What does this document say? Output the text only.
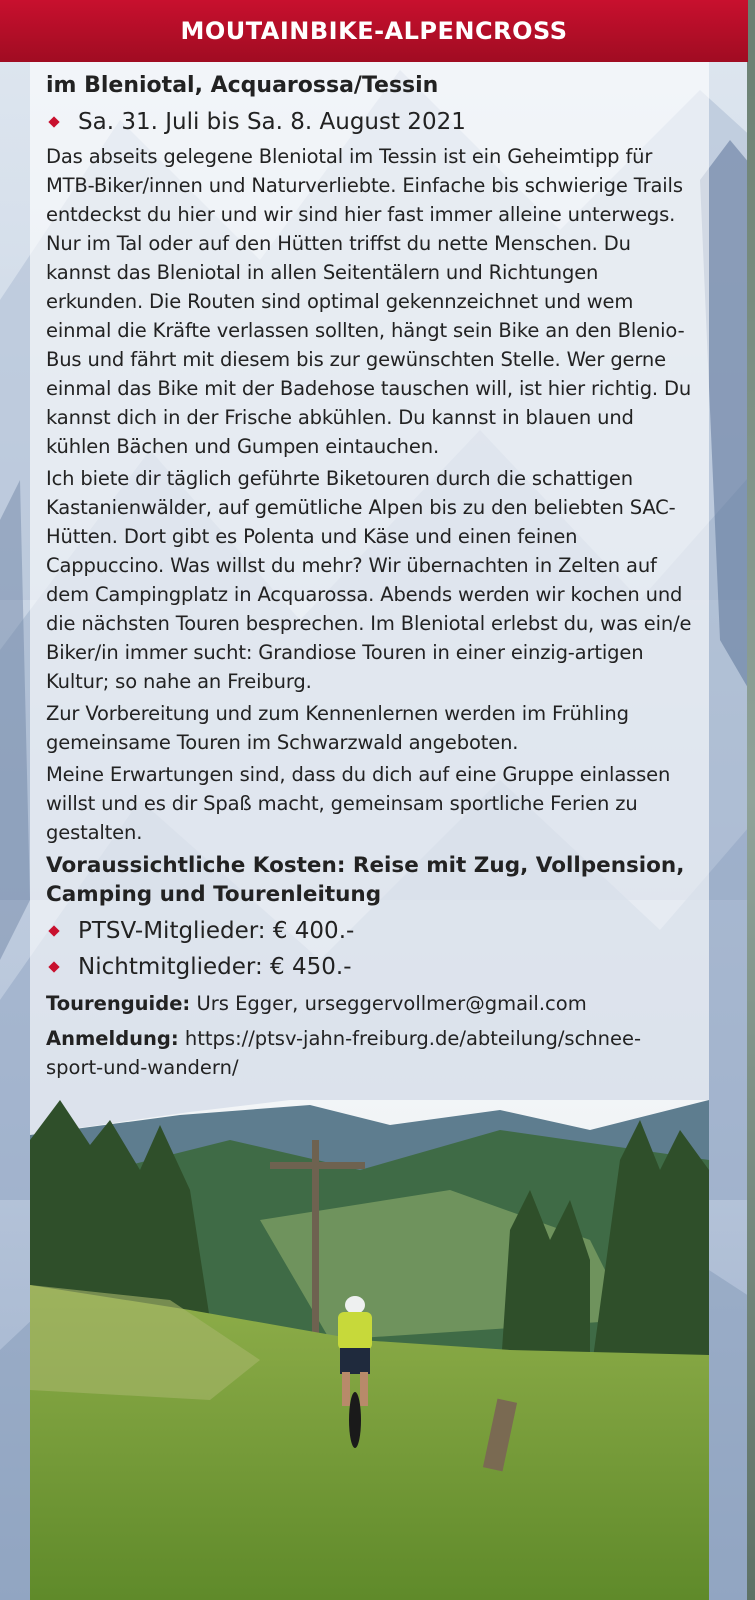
MOUTAINBIKE-ALPENCROSS
im Bleniotal, Acquarossa/Tessin
Sa. 31. Juli bis Sa. 8. August 2021

Das abseits gelegene Bleniotal im Tessin ist ein Geheimtipp für MTB-Biker/innen und Naturverliebte. Einfache bis schwierige Trails entdeckst du hier und wir sind hier fast immer alleine unterwegs. Nur im Tal oder auf den Hütten triffst du nette Menschen. Du kannst das Bleniotal in allen Seitentälern und Richtungen erkunden. Die Routen sind optimal gekennzeichnet und wem einmal die Kräfte verlassen sollten, hängt sein Bike an den Blenio-Bus und fährt mit diesem bis zur gewünschten Stelle. Wer gerne einmal das Bike mit der Badehose tauschen will, ist hier richtig. Du kannst dich in der Frische abkühlen. Du kannst in blauen und kühlen Bächen und Gumpen eintauchen.

Ich biete dir täglich geführte Biketouren durch die schattigen Kastanienwälder, auf gemütliche Alpen bis zu den beliebten SAC-Hütten. Dort gibt es Polenta und Käse und einen feinen Cappuccino. Was willst du mehr? Wir übernachten in Zelten auf dem Campingplatz in Acquarossa. Abends werden wir kochen und die nächsten Touren besprechen. Im Bleniotal erlebst du, was ein/e Biker/in immer sucht: Grandiose Touren in einer einzig-artigen Kultur; so nahe an Freiburg.

Zur Vorbereitung und zum Kennenlernen werden im Frühling gemeinsame Touren im Schwarzwald angeboten.

Meine Erwartungen sind, dass du dich auf eine Gruppe einlassen willst und es dir Spaß macht, gemeinsam sportliche Ferien zu gestalten.

Voraussichtliche Kosten: Reise mit Zug, Vollpension, Camping und Tourenleitung
PTSV-Mitglieder: € 400.-
Nichtmitglieder: € 450.-
Tourenguide: Urs Egger, urseggervollmer@gmail.com
Anmeldung: https://ptsv-jahn-freiburg.de/abteilung/schnee-sport-und-wandern/
